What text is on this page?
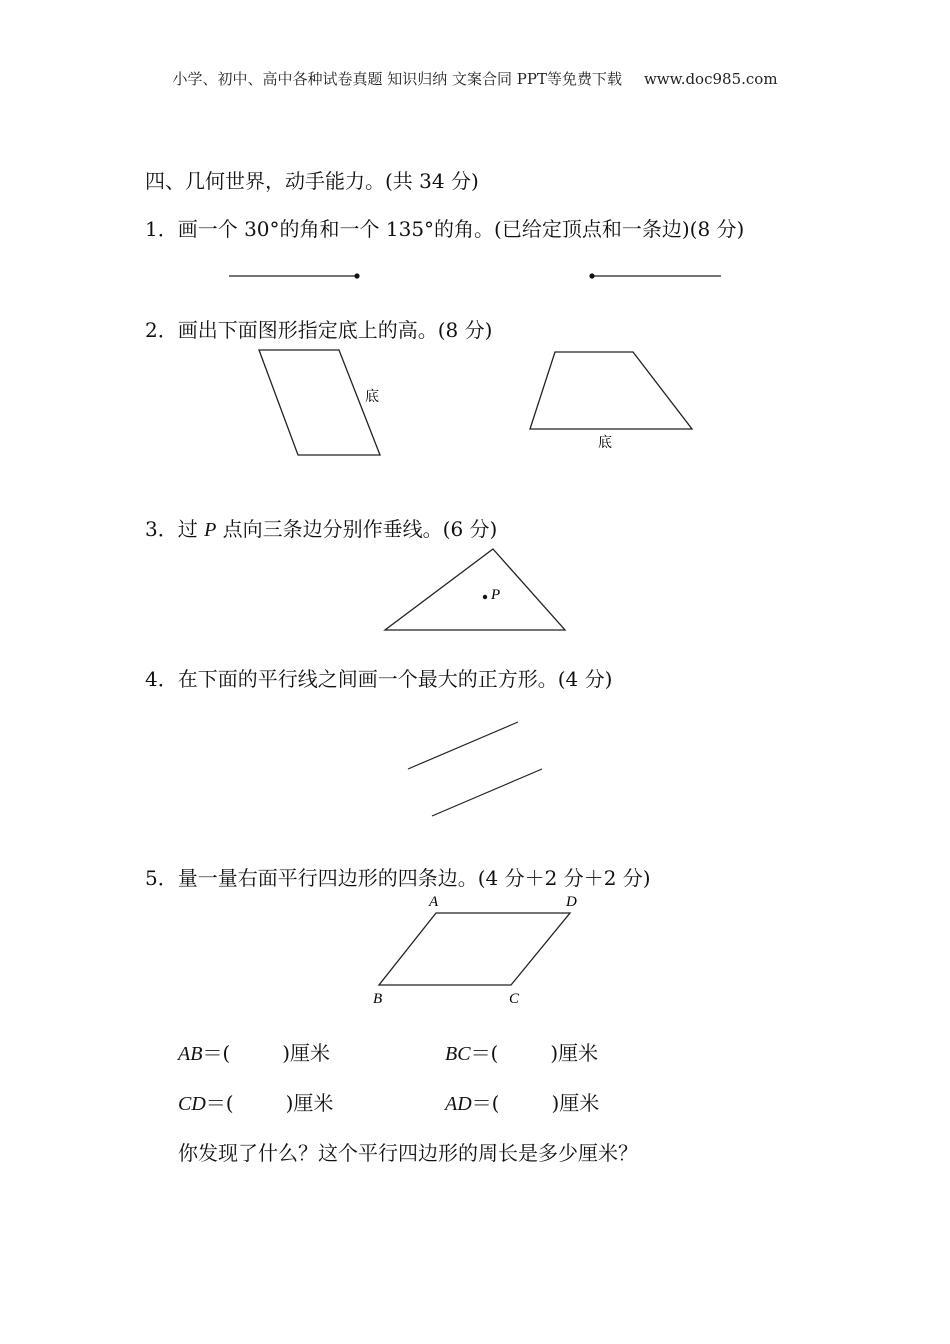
小学、初中、高中各种试卷真题 知识归纳 文案合同 PPT等免费下载 www.doc985.com
四、几何世界，动手能力。(共 34 分)
1．画一个 30°的角和一个 135°的角。(已给定顶点和一条边)(8 分)
2．画出下面图形指定底上的高。(8 分)
3．过 P 点向三条边分别作垂线。(6 分)
4．在下面的平行线之间画一个最大的正方形。(4 分)
5．量一量右面平行四边形的四条边。(4 分＋2 分＋2 分)
底
底
P
A	D
B	C
AB＝(	)厘米	BC＝(	)厘米
CD＝(	)厘米	AD＝(	)厘米
你发现了什么？这个平行四边形的周长是多少厘米？
